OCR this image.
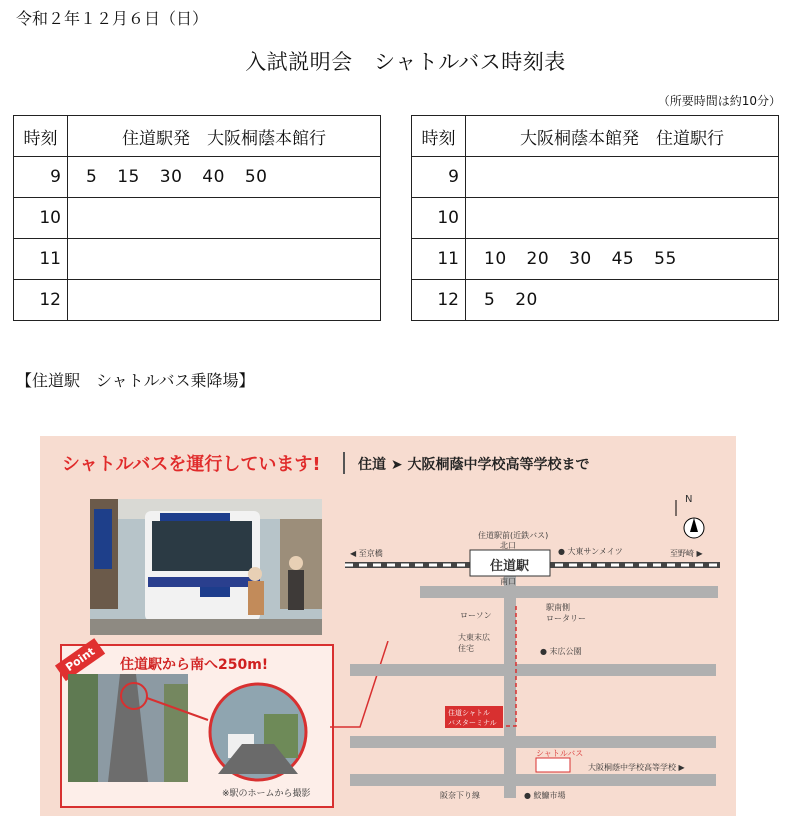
令和２年１２月６日（日）
入試説明会　シャトルバス時刻表
（所要時間は約10分）
時刻	住道駅発　大阪桐蔭本館行
9	5 15 30 40 50
10	
11	
12	
時刻	大阪桐蔭本館発　住道駅行
9	
10	
11	10 20 30 45 55
12	5 20
【住道駅　シャトルバス乗降場】
シャトルバスを運行しています!	住道 ➤ 大阪桐蔭中学校高等学校まで
Point	住道駅から南へ250m!
※駅のホームから撮影
N
住道駅
北口
南口
住道駅前(近鉄バス)
◀ 至京橋	至野崎 ▶
● 大東サンメイツ
ローソン
駅南側
ロータリー
大東末広
住宅	● 末広公園
住道シャトル
バスターミナル
シャトルバス
大阪桐蔭中学校高等学校 ▶
阪奈下り線	● 鮫鱇市場
